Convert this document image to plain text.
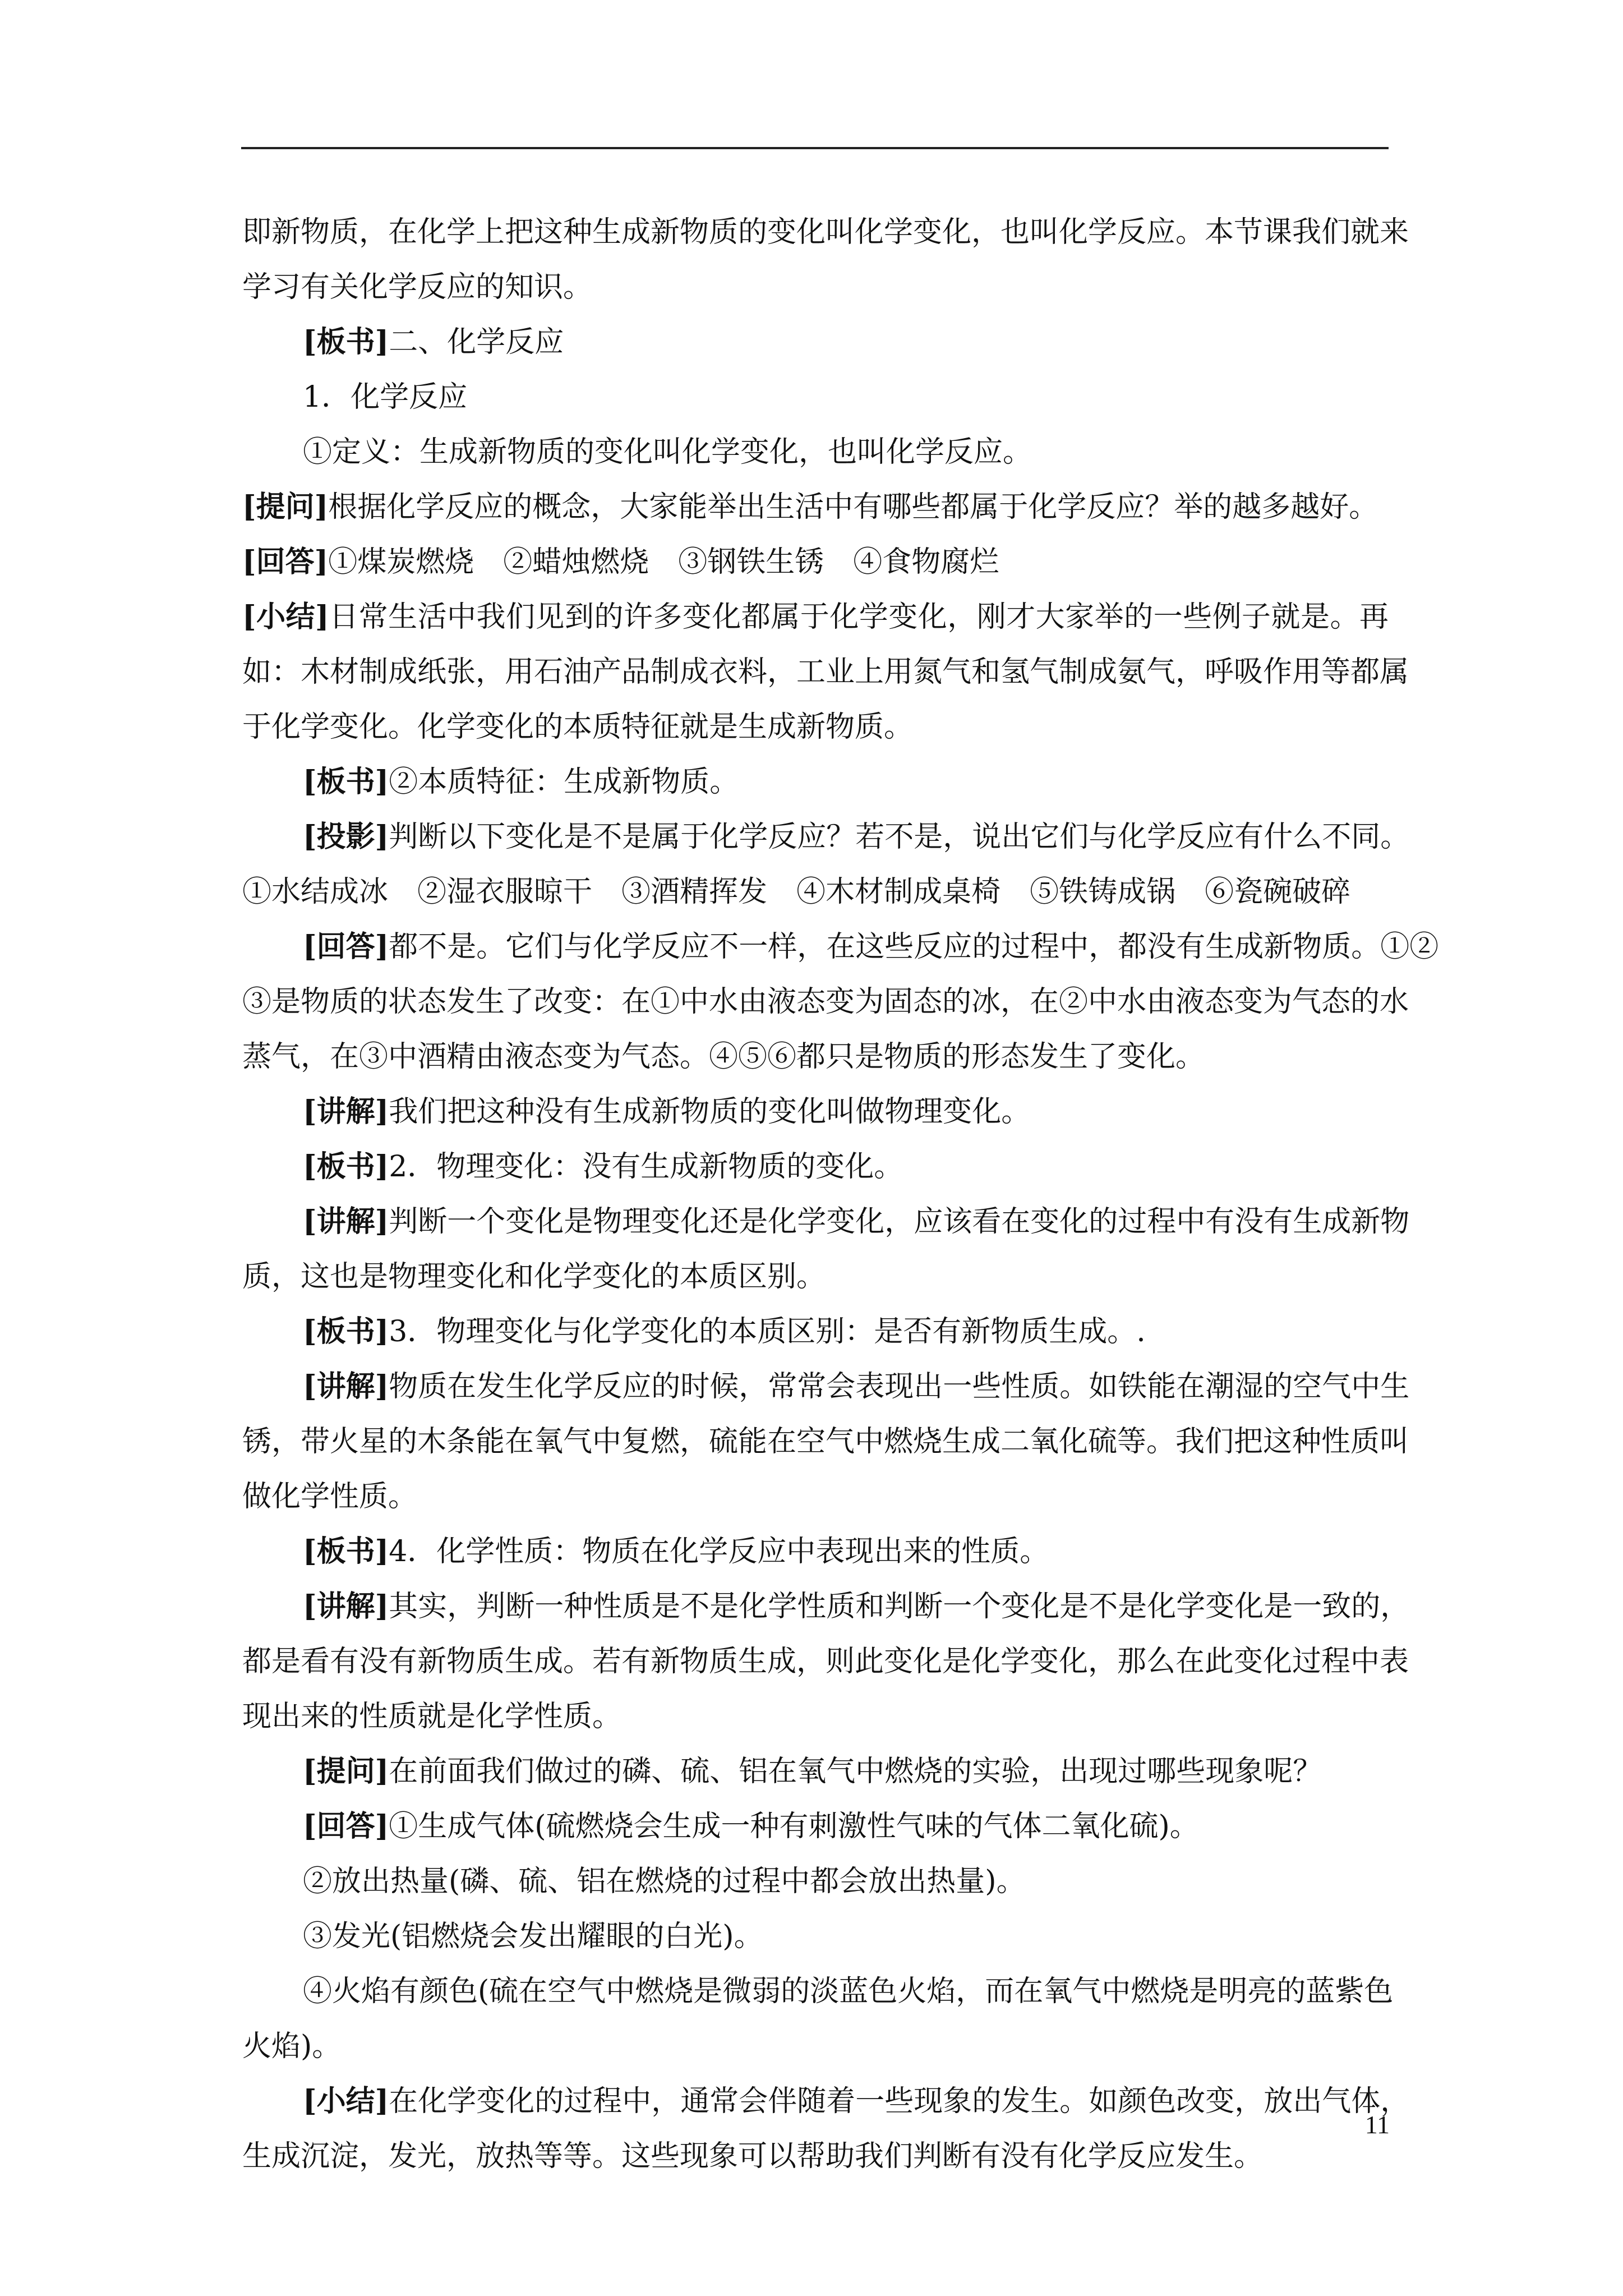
即新物质，在化学上把这种生成新物质的变化叫化学变化，也叫化学反应。本节课我们就来
学习有关化学反应的知识。
[板书]二、化学反应
1．化学反应
①定义：生成新物质的变化叫化学变化，也叫化学反应。
[提问]根据化学反应的概念，大家能举出生活中有哪些都属于化学反应？举的越多越好。
[回答]①煤炭燃烧 ②蜡烛燃烧 ③钢铁生锈 ④食物腐烂
[小结]日常生活中我们见到的许多变化都属于化学变化，刚才大家举的一些例子就是。再
如：木材制成纸张，用石油产品制成衣料，工业上用氮气和氢气制成氨气，呼吸作用等都属
于化学变化。化学变化的本质特征就是生成新物质。
[板书]②本质特征：生成新物质。
[投影]判断以下变化是不是属于化学反应？若不是，说出它们与化学反应有什么不同。
①水结成冰 ②湿衣服晾干 ③酒精挥发 ④木材制成桌椅 ⑤铁铸成锅 ⑥瓷碗破碎
[回答]都不是。它们与化学反应不一样，在这些反应的过程中，都没有生成新物质。①②
③是物质的状态发生了改变：在①中水由液态变为固态的冰，在②中水由液态变为气态的水
蒸气，在③中酒精由液态变为气态。④⑤⑥都只是物质的形态发生了变化。
[讲解]我们把这种没有生成新物质的变化叫做物理变化。
[板书]2．物理变化：没有生成新物质的变化。
[讲解]判断一个变化是物理变化还是化学变化，应该看在变化的过程中有没有生成新物
质，这也是物理变化和化学变化的本质区别。
[板书]3．物理变化与化学变化的本质区别：是否有新物质生成。.
[讲解]物质在发生化学反应的时候，常常会表现出一些性质。如铁能在潮湿的空气中生
锈，带火星的木条能在氧气中复燃，硫能在空气中燃烧生成二氧化硫等。我们把这种性质叫
做化学性质。
[板书]4．化学性质：物质在化学反应中表现出来的性质。
[讲解]其实，判断一种性质是不是化学性质和判断一个变化是不是化学变化是一致的，
都是看有没有新物质生成。若有新物质生成，则此变化是化学变化，那么在此变化过程中表
现出来的性质就是化学性质。
[提问]在前面我们做过的磷、硫、铝在氧气中燃烧的实验，出现过哪些现象呢？
[回答]①生成气体(硫燃烧会生成一种有刺激性气味的气体二氧化硫)。
②放出热量(磷、硫、铝在燃烧的过程中都会放出热量)。
③发光(铝燃烧会发出耀眼的白光)。
④火焰有颜色(硫在空气中燃烧是微弱的淡蓝色火焰，而在氧气中燃烧是明亮的蓝紫色
火焰)。
[小结]在化学变化的过程中，通常会伴随着一些现象的发生。如颜色改变，放出气体，
生成沉淀，发光，放热等等。这些现象可以帮助我们判断有没有化学反应发生。
11
